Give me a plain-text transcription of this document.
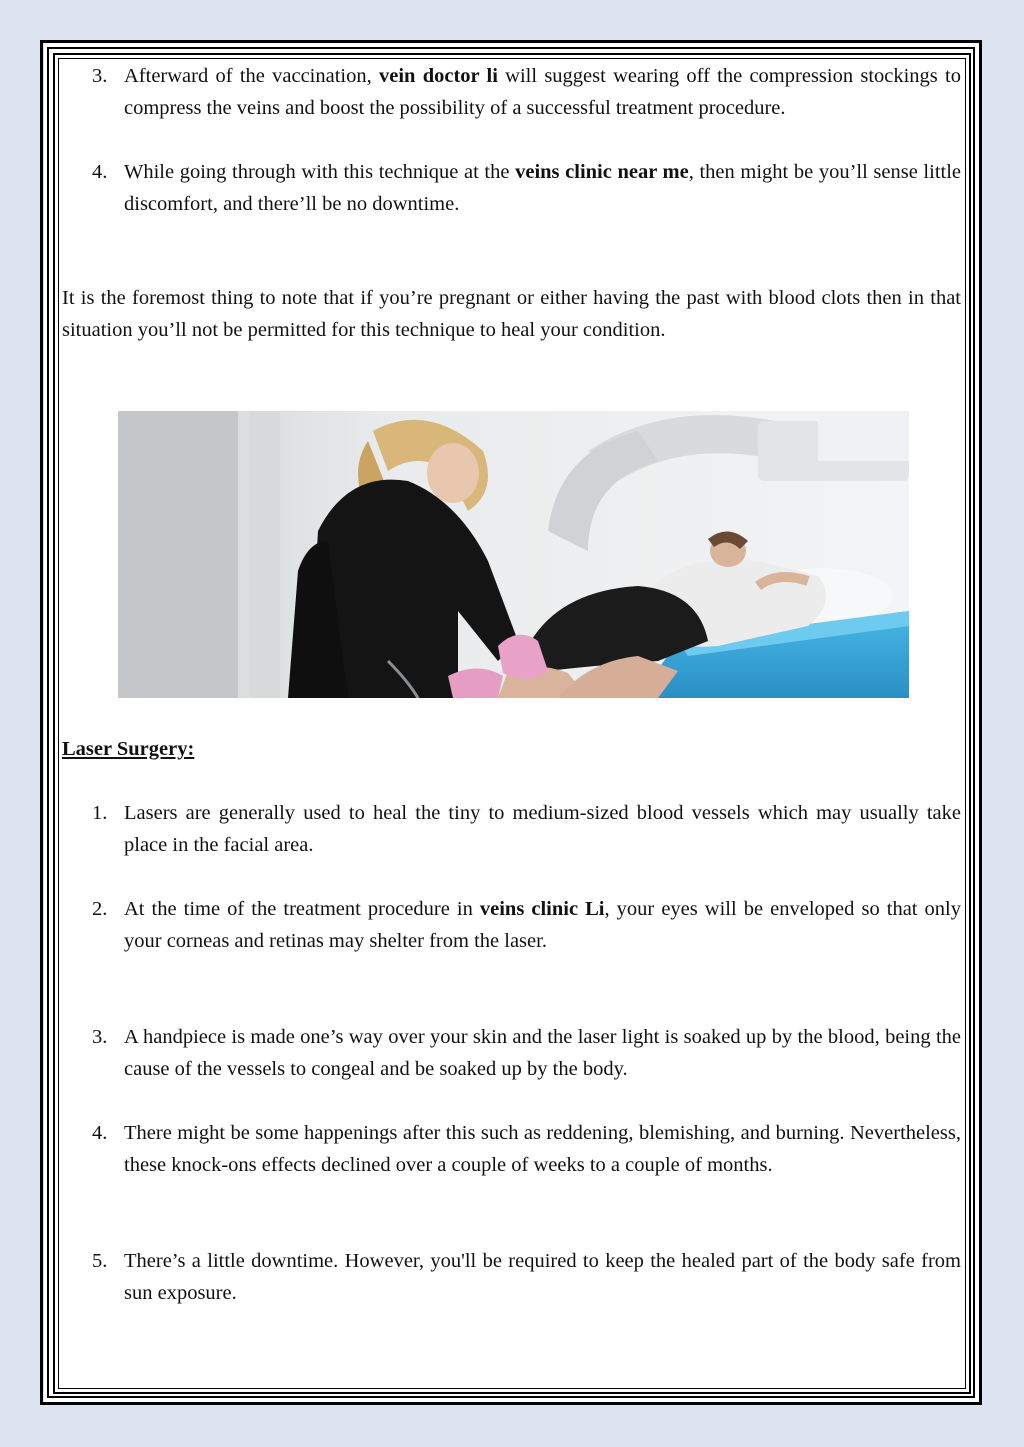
3. Afterward of the vaccination, vein doctor li will suggest wearing off the compression stockings to compress the veins and boost the possibility of a successful treatment procedure.

4. While going through with this technique at the veins clinic near me, then might be you’ll sense little discomfort, and there’ll be no downtime.

It is the foremost thing to note that if you’re pregnant or either having the past with blood clots then in that situation you’ll not be permitted for this technique to heal your condition.

Laser Surgery:

1. Lasers are generally used to heal the tiny to medium-sized blood vessels which may usually take place in the facial area.

2. At the time of the treatment procedure in veins clinic Li, your eyes will be enveloped so that only your corneas and retinas may shelter from the laser.

3. A handpiece is made one’s way over your skin and the laser light is soaked up by the blood, being the cause of the vessels to congeal and be soaked up by the body.

4. There might be some happenings after this such as reddening, blemishing, and burning. Nevertheless, these knock-ons effects declined over a couple of weeks to a couple of months.

5. There’s a little downtime. However, you'll be required to keep the healed part of the body safe from sun exposure.
